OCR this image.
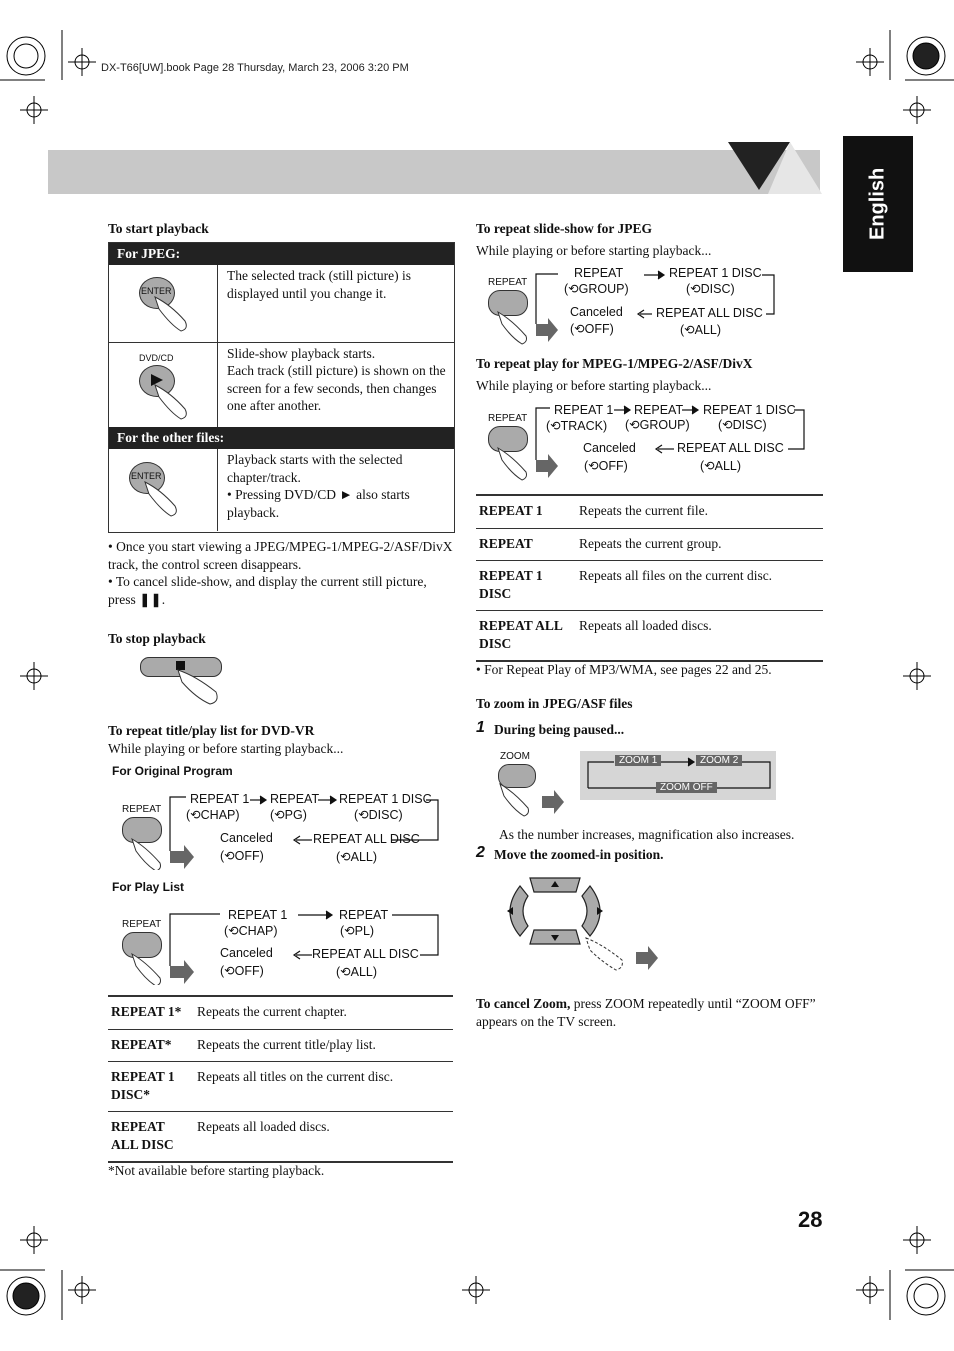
DX-T66[UW].book Page 28 Thursday, March 23, 2006 3:20 PM
English
To start playback
For JPEG:
The selected track (still picture) is displayed until you change it.
Slide-show playback starts.
Each track (still picture) is shown on the screen for a few seconds, then changes one after another.
For the other files:
Playback starts with the selected chapter/track.
• Pressing DVD/CD ► also starts playback.
ENTER
DVD/CD
ENTER
• Once you start viewing a JPEG/MPEG-1/MPEG-2/ASF/DivX track, the control screen disappears.
• To cancel slide-show, and display the current still picture, press ❚❚.
To stop playback
To repeat title/play list for DVD-VR
While playing or before starting playback...
For Original Program
REPEAT
REPEAT 1
(⟲CHAP)
REPEAT
(⟲PG)
REPEAT 1 DISC
(⟲DISC)
Canceled
(⟲OFF)
REPEAT ALL DISC
(⟲ALL)
For Play List
REPEAT
REPEAT 1
(⟲CHAP)
REPEAT
(⟲PL)
Canceled
(⟲OFF)
REPEAT ALL DISC
(⟲ALL)
REPEAT 1*	Repeats the current chapter.
REPEAT*	Repeats the current title/play list.
REPEAT 1 DISC*	Repeats all titles on the current disc.
REPEAT ALL DISC	Repeats all loaded discs.
*Not available before starting playback.
To repeat slide-show for JPEG
While playing or before starting playback...
REPEAT
REPEAT
(⟲GROUP)
REPEAT 1 DISC
(⟲DISC)
Canceled
(⟲OFF)
REPEAT ALL DISC
(⟲ALL)
To repeat play for MPEG-1/MPEG-2/ASF/DivX
While playing or before starting playback...
REPEAT
REPEAT 1
(⟲TRACK)
REPEAT
(⟲GROUP)
REPEAT 1 DISC
(⟲DISC)
Canceled
(⟲OFF)
REPEAT ALL DISC
(⟲ALL)
REPEAT 1	Repeats the current file.
REPEAT	Repeats the current group.
REPEAT 1 DISC	Repeats all files on the current disc.
REPEAT ALL DISC	Repeats all loaded discs.
• For Repeat Play of MP3/WMA, see pages 22 and 25.
To zoom in JPEG/ASF files
1 During being paused...
ZOOM	ZOOM 1	ZOOM 2
ZOOM OFF
As the number increases, magnification also increases.
2 Move the zoomed-in position.
To cancel Zoom, press ZOOM repeatedly until “ZOOM OFF” appears on the TV screen.
28
